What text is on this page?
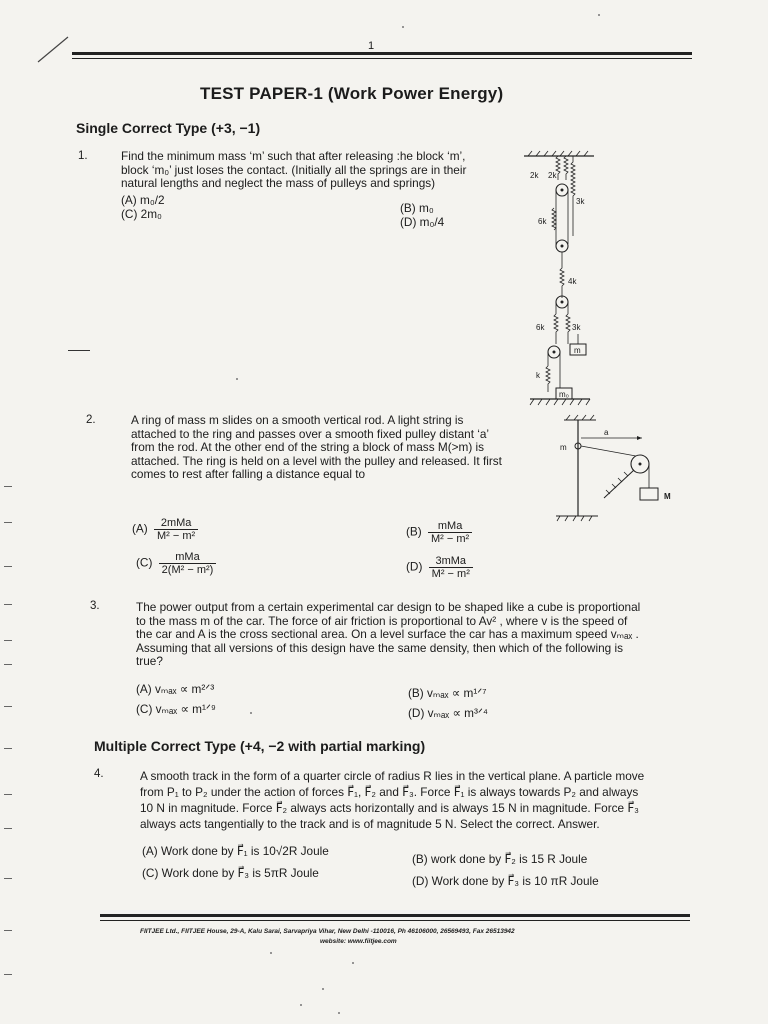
1
TEST PAPER-1 (Work Power Energy)
Single Correct Type (+3, −1)
1.	Find the minimum mass ‘m’ such that after releasing :he block ‘m’,
block ‘m₀’ just loses the contact. (Initially all the springs are in their
natural lengths and neglect the mass of pulleys and springs)
(A) m₀/2
(C) 2m₀	(B) m₀
(D) m₀/4
2k 2k
3k
6k
4k
6k	3k
m
k
m₀
2.	A ring of mass m slides on a smooth vertical rod. A light string is
attached to the ring and passes over a smooth fixed pulley distant ‘a’
from the rod. At the other end of the string a block of mass M(>m) is
attached. The ring is held on a level with the pulley and released. It first
comes to rest after falling a distance equal to
$(A) \frac{\text{2mMa}}{\text{M² − m²}}$
$(C) \frac{\text{mMa}}{\text{2(M² − m²)}}$
$(B) \frac{\text{mMa}}{\text{M² − m²}}$
$(D) \frac{\text{3mMa}}{\text{M² − m²}}$
m
a
M
3.	The power output from a certain experimental car design to be shaped like a cube is proportional
to the mass m of the car. The force of air friction is proportional to Av² , where v is the speed of
the car and A is the cross sectional area. On a level surface the car has a maximum speed vₘₐₓ .
Assuming that all versions of this design have the same density, then which of the following is
true?
(A) vₘₐₓ ∝ m²ᐟ³
(C) vₘₐₓ ∝ m¹ᐟ⁹
(B) vₘₐₓ ∝ m¹ᐟ⁷
(D) vₘₐₓ ∝ m³ᐟ⁴
Multiple Correct Type (+4, −2 with partial marking)
4.	A smooth track in the form of a quarter circle of radius R lies in the vertical plane. A particle move
from P₁ to P₂ under the action of forces F⃗₁, F⃗₂ and F⃗₃. Force F⃗₁ is always towards P₂ and always
10 N in magnitude. Force F⃗₂ always acts horizontally and is always 15 N in magnitude. Force F⃗₃
always acts tangentially to the track and is of magnitude 5 N. Select the correct. Answer.
(A) Work done by F⃗₁ is 10√2R Joule
(C) Work done by F⃗₃ is 5πR Joule
(B) work done by F⃗₂ is 15 R Joule
(D) Work done by F⃗₃ is 10 πR Joule
FIITJEE Ltd., FIITJEE House, 29-A, Kalu Sarai, Sarvapriya Vihar, New Delhi -110016, Ph 46106000, 26569493, Fax 26513942
website: www.fiitjee.com
